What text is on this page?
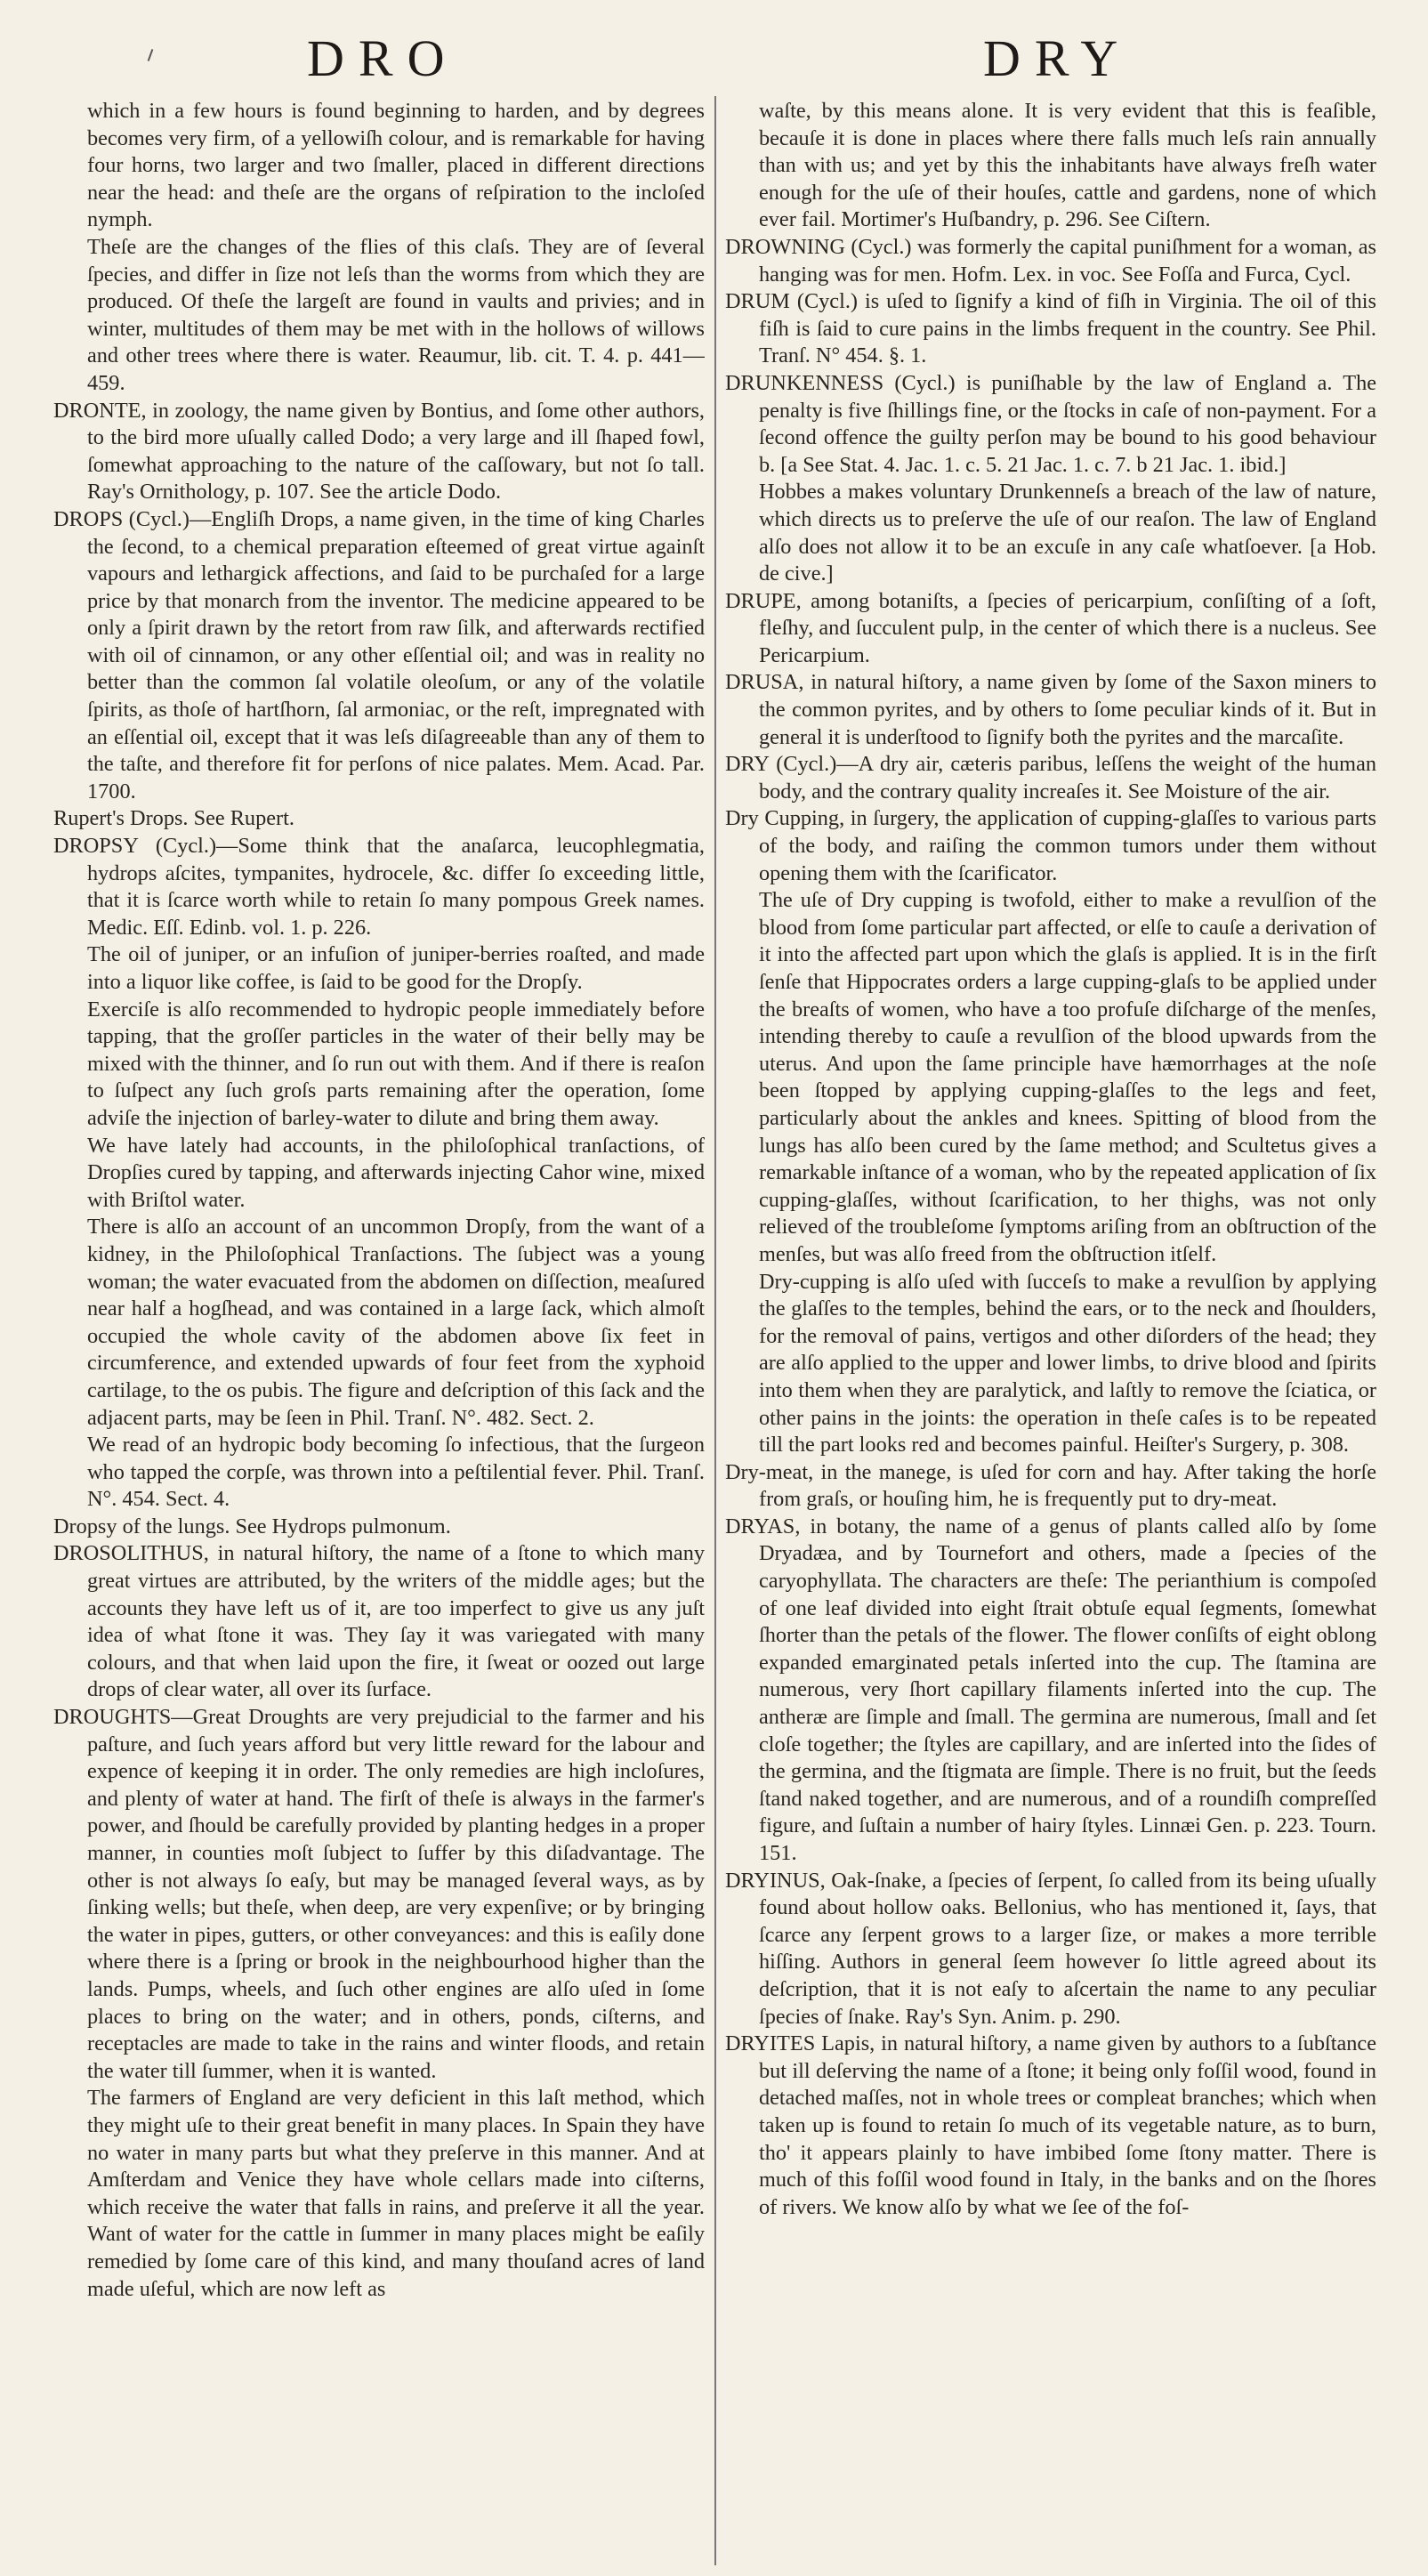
DRO	DRY

which in a few hours is found beginning to harden, and by degrees becomes very firm, of a yellowiſh colour, and is remarkable for having four horns, two larger and two ſmaller, placed in different directions near the head: and theſe are the organs of reſpiration to the incloſed nymph.

Theſe are the changes of the flies of this claſs. They are of ſeveral ſpecies, and differ in ſize not leſs than the worms from which they are produced. Of theſe the largeſt are found in vaults and privies; and in winter, multitudes of them may be met with in the hollows of willows and other trees where there is water. Reaumur, lib. cit. T. 4. p. 441—459.

DRONTE, in zoology, the name given by Bontius, and ſome other authors, to the bird more uſually called Dodo; a very large and ill ſhaped fowl, ſomewhat approaching to the nature of the caſſowary, but not ſo tall. Ray's Ornithology, p. 107. See the article Dodo.

DROPS (Cycl.)—Engliſh Drops, a name given, in the time of king Charles the ſecond, to a chemical preparation eſteemed of great virtue againſt vapours and lethargick affections, and ſaid to be purchaſed for a large price by that monarch from the inventor. The medicine appeared to be only a ſpirit drawn by the retort from raw ſilk, and afterwards rectified with oil of cinnamon, or any other eſſential oil; and was in reality no better than the common ſal volatile oleoſum, or any of the volatile ſpirits, as thoſe of hartſhorn, ſal armoniac, or the reſt, impregnated with an eſſential oil, except that it was leſs diſagreeable than any of them to the taſte, and therefore fit for perſons of nice palates. Mem. Acad. Par. 1700.

Rupert's Drops. See Rupert.

DROPSY (Cycl.)—Some think that the anaſarca, leucophlegmatia, hydrops aſcites, tympanites, hydrocele, &c. differ ſo exceeding little, that it is ſcarce worth while to retain ſo many pompous Greek names. Medic. Eſſ. Edinb. vol. 1. p. 226.

The oil of juniper, or an infuſion of juniper-berries roaſted, and made into a liquor like coffee, is ſaid to be good for the Dropſy.

Exerciſe is alſo recommended to hydropic people immediately before tapping, that the groſſer particles in the water of their belly may be mixed with the thinner, and ſo run out with them. And if there is reaſon to ſuſpect any ſuch groſs parts remaining after the operation, ſome adviſe the injection of barley-water to dilute and bring them away.

We have lately had accounts, in the philoſophical tranſactions, of Dropſies cured by tapping, and afterwards injecting Cahor wine, mixed with Briſtol water.

There is alſo an account of an uncommon Dropſy, from the want of a kidney, in the Philoſophical Tranſactions. The ſubject was a young woman; the water evacuated from the abdomen on diſſection, meaſured near half a hogſhead, and was contained in a large ſack, which almoſt occupied the whole cavity of the abdomen above ſix feet in circumference, and extended upwards of four feet from the xyphoid cartilage, to the os pubis. The figure and deſcription of this ſack and the adjacent parts, may be ſeen in Phil. Tranſ. N°. 482. Sect. 2.

We read of an hydropic body becoming ſo infectious, that the ſurgeon who tapped the corpſe, was thrown into a peſtilential fever. Phil. Tranſ. N°. 454. Sect. 4.

Dropsy of the lungs. See Hydrops pulmonum.

DROSOLITHUS, in natural hiſtory, the name of a ſtone to which many great virtues are attributed, by the writers of the middle ages; but the accounts they have left us of it, are too imperfect to give us any juſt idea of what ſtone it was. They ſay it was variegated with many colours, and that when laid upon the fire, it ſweat or oozed out large drops of clear water, all over its ſurface.

DROUGHTS—Great Droughts are very prejudicial to the farmer and his paſture, and ſuch years afford but very little reward for the labour and expence of keeping it in order. The only remedies are high incloſures, and plenty of water at hand. The firſt of theſe is always in the farmer's power, and ſhould be carefully provided by planting hedges in a proper manner, in counties moſt ſubject to ſuffer by this diſadvantage. The other is not always ſo eaſy, but may be managed ſeveral ways, as by ſinking wells; but theſe, when deep, are very expenſive; or by bringing the water in pipes, gutters, or other conveyances: and this is eaſily done where there is a ſpring or brook in the neighbourhood higher than the lands. Pumps, wheels, and ſuch other engines are alſo uſed in ſome places to bring on the water; and in others, ponds, ciſterns, and receptacles are made to take in the rains and winter floods, and retain the water till ſummer, when it is wanted.

The farmers of England are very deficient in this laſt method, which they might uſe to their great benefit in many places. In Spain they have no water in many parts but what they preſerve in this manner. And at Amſterdam and Venice they have whole cellars made into ciſterns, which receive the water that falls in rains, and preſerve it all the year. Want of water for the cattle in ſummer in many places might be eaſily remedied by ſome care of this kind, and many thouſand acres of land made uſeful, which are now left as

waſte, by this means alone. It is very evident that this is feaſible, becauſe it is done in places where there falls much leſs rain annually than with us; and yet by this the inhabitants have always freſh water enough for the uſe of their houſes, cattle and gardens, none of which ever fail. Mortimer's Huſbandry, p. 296. See Ciſtern.

DROWNING (Cycl.) was formerly the capital puniſhment for a woman, as hanging was for men. Hofm. Lex. in voc. See Foſſa and Furca, Cycl.

DRUM (Cycl.) is uſed to ſignify a kind of fiſh in Virginia. The oil of this fiſh is ſaid to cure pains in the limbs frequent in the country. See Phil. Tranſ. N° 454. §. 1.

DRUNKENNESS (Cycl.) is puniſhable by the law of England a. The penalty is five ſhillings fine, or the ſtocks in caſe of non-payment. For a ſecond offence the guilty perſon may be bound to his good behaviour b. [a See Stat. 4. Jac. 1. c. 5. 21 Jac. 1. c. 7. b 21 Jac. 1. ibid.]

Hobbes a makes voluntary Drunkenneſs a breach of the law of nature, which directs us to preſerve the uſe of our reaſon. The law of England alſo does not allow it to be an excuſe in any caſe whatſoever. [a Hob. de cive.]

DRUPE, among botaniſts, a ſpecies of pericarpium, conſiſting of a ſoft, fleſhy, and ſucculent pulp, in the center of which there is a nucleus. See Pericarpium.

DRUSA, in natural hiſtory, a name given by ſome of the Saxon miners to the common pyrites, and by others to ſome peculiar kinds of it. But in general it is underſtood to ſignify both the pyrites and the marcaſite.

DRY (Cycl.)—A dry air, cæteris paribus, leſſens the weight of the human body, and the contrary quality increaſes it. See Moisture of the air.

Dry Cupping, in ſurgery, the application of cupping-glaſſes to various parts of the body, and raiſing the common tumors under them without opening them with the ſcarificator.

The uſe of Dry cupping is twofold, either to make a revulſion of the blood from ſome particular part affected, or elſe to cauſe a derivation of it into the affected part upon which the glaſs is applied. It is in the firſt ſenſe that Hippocrates orders a large cupping-glaſs to be applied under the breaſts of women, who have a too profuſe diſcharge of the menſes, intending thereby to cauſe a revulſion of the blood upwards from the uterus. And upon the ſame principle have hæmorrhages at the noſe been ſtopped by applying cupping-glaſſes to the legs and feet, particularly about the ankles and knees. Spitting of blood from the lungs has alſo been cured by the ſame method; and Scultetus gives a remarkable inſtance of a woman, who by the repeated application of ſix cupping-glaſſes, without ſcarification, to her thighs, was not only relieved of the troubleſome ſymptoms ariſing from an obſtruction of the menſes, but was alſo freed from the obſtruction itſelf.

Dry-cupping is alſo uſed with ſucceſs to make a revulſion by applying the glaſſes to the temples, behind the ears, or to the neck and ſhoulders, for the removal of pains, vertigos and other diſorders of the head; they are alſo applied to the upper and lower limbs, to drive blood and ſpirits into them when they are paralytick, and laſtly to remove the ſciatica, or other pains in the joints: the operation in theſe caſes is to be repeated till the part looks red and becomes painful. Heiſter's Surgery, p. 308.

Dry-meat, in the manege, is uſed for corn and hay. After taking the horſe from graſs, or houſing him, he is frequently put to dry-meat.

DRYAS, in botany, the name of a genus of plants called alſo by ſome Dryadæa, and by Tournefort and others, made a ſpecies of the caryophyllata. The characters are theſe: The perianthium is compoſed of one leaf divided into eight ſtrait obtuſe equal ſegments, ſomewhat ſhorter than the petals of the flower. The flower conſiſts of eight oblong expanded emarginated petals inſerted into the cup. The ſtamina are numerous, very ſhort capillary filaments inſerted into the cup. The antheræ are ſimple and ſmall. The germina are numerous, ſmall and ſet cloſe together; the ſtyles are capillary, and are inſerted into the ſides of the germina, and the ſtigmata are ſimple. There is no fruit, but the ſeeds ſtand naked together, and are numerous, and of a roundiſh compreſſed figure, and ſuſtain a number of hairy ſtyles. Linnæi Gen. p. 223. Tourn. 151.

DRYINUS, Oak-ſnake, a ſpecies of ſerpent, ſo called from its being uſually found about hollow oaks. Bellonius, who has mentioned it, ſays, that ſcarce any ſerpent grows to a larger ſize, or makes a more terrible hiſſing. Authors in general ſeem however ſo little agreed about its deſcription, that it is not eaſy to aſcertain the name to any peculiar ſpecies of ſnake. Ray's Syn. Anim. p. 290.

DRYITES Lapis, in natural hiſtory, a name given by authors to a ſubſtance but ill deſerving the name of a ſtone; it being only foſſil wood, found in detached maſſes, not in whole trees or compleat branches; which when taken up is found to retain ſo much of its vegetable nature, as to burn, tho' it appears plainly to have imbibed ſome ſtony matter. There is much of this foſſil wood found in Italy, in the banks and on the ſhores of rivers. We know alſo by what we ſee of the foſ-
